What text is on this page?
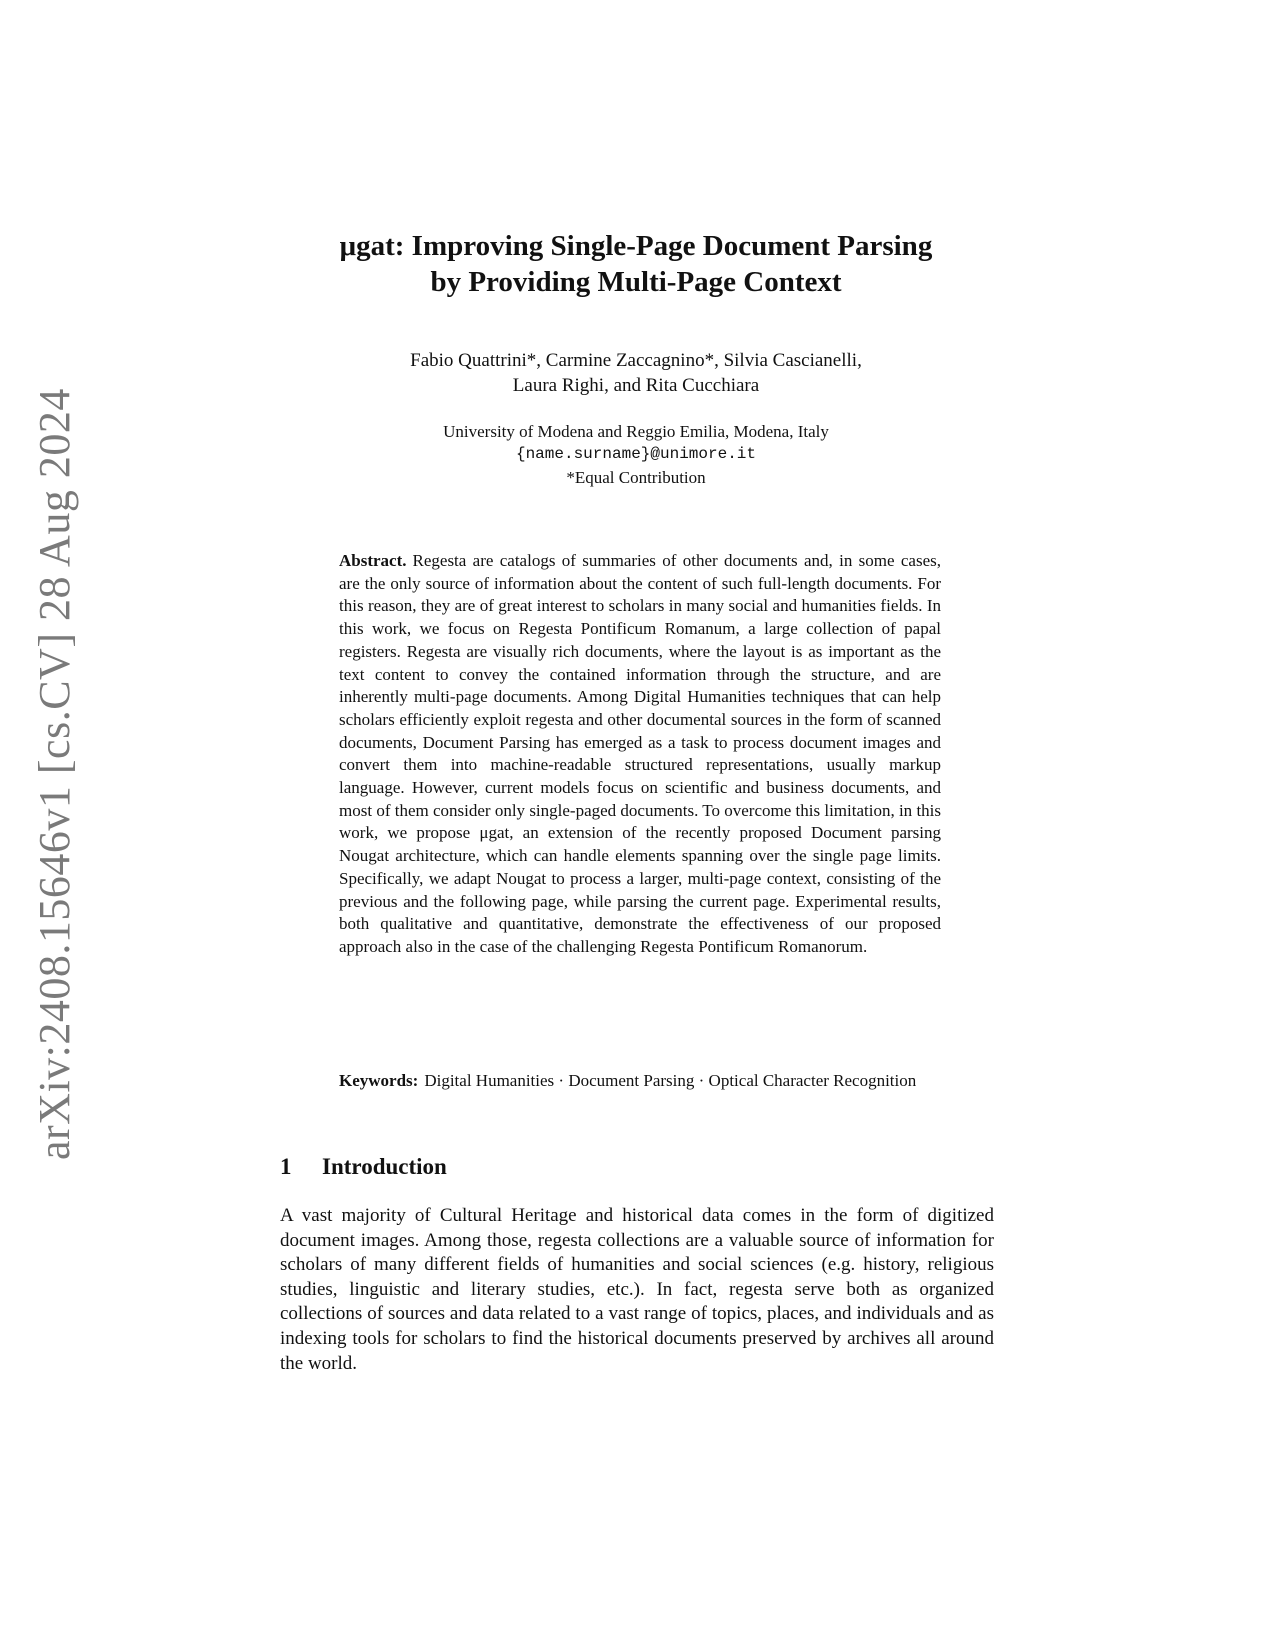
arXiv:2408.15646v1 [cs.CV] 28 Aug 2024
μgat: Improving Single-Page Document Parsing
by Providing Multi-Page Context
Fabio Quattrini*, Carmine Zaccagnino*, Silvia Cascianelli,
Laura Righi, and Rita Cucchiara
University of Modena and Reggio Emilia, Modena, Italy
{name.surname}@unimore.it
*Equal Contribution
Abstract. Regesta are catalogs of summaries of other documents and, in some cases, are the only source of information about the content of such full-length documents. For this reason, they are of great interest to scholars in many social and humanities fields. In this work, we focus on Regesta Pontificum Romanum, a large collection of papal registers. Regesta are visually rich documents, where the layout is as important as the text content to convey the contained information through the structure, and are inherently multi-page documents. Among Digital Humanities techniques that can help scholars efficiently exploit regesta and other documental sources in the form of scanned documents, Document Parsing has emerged as a task to process document images and convert them into machine-readable structured representations, usually markup language. However, current models focus on scientific and business documents, and most of them consider only single-paged documents. To overcome this limitation, in this work, we propose μgat, an extension of the recently proposed Document parsing Nougat architecture, which can handle elements spanning over the single page limits. Specifically, we adapt Nougat to process a larger, multi-page context, consisting of the previous and the following page, while parsing the current page. Experimental results, both qualitative and quantitative, demonstrate the effectiveness of our proposed approach also in the case of the challenging Regesta Pontificum Romanorum.
Keywords: Digital Humanities · Document Parsing · Optical Character Recognition
1 Introduction
A vast majority of Cultural Heritage and historical data comes in the form of digitized document images. Among those, regesta collections are a valuable source of information for scholars of many different fields of humanities and social sciences (e.g. history, religious studies, linguistic and literary studies, etc.). In fact, regesta serve both as organized collections of sources and data related to a vast range of topics, places, and individuals and as indexing tools for scholars to find the historical documents preserved by archives all around the world.
